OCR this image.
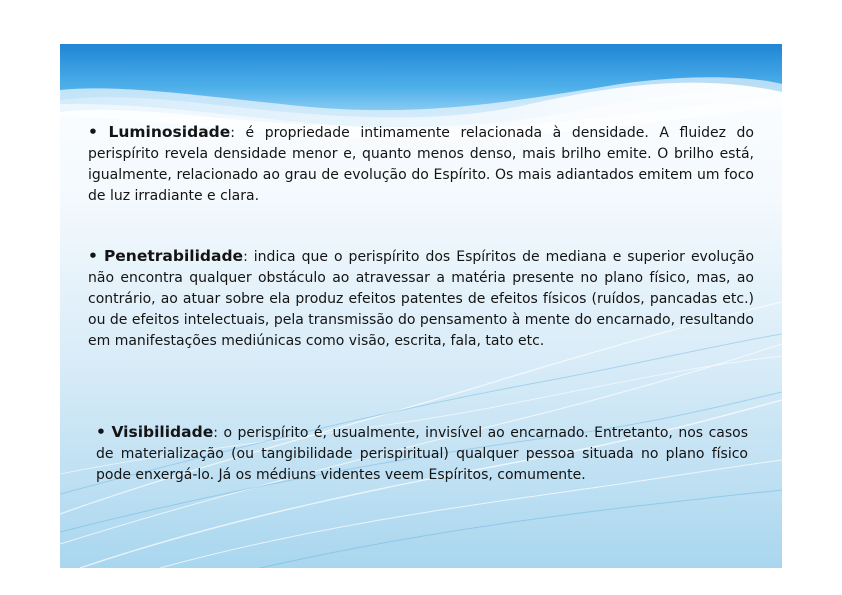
• Luminosidade: é propriedade intimamente relacionada à densidade. A fluidez do perispírito revela densidade menor e, quanto menos denso, mais brilho emite. O brilho está, igualmente, relacionado ao grau de evolução do Espírito. Os mais adiantados emitem um foco de luz irradiante e clara.

• Penetrabilidade: indica que o perispírito dos Espíritos de mediana e superior evolução não encontra qualquer obstáculo ao atravessar a matéria presente no plano físico, mas, ao contrário, ao atuar sobre ela produz efeitos patentes de efeitos físicos (ruídos, pancadas etc.) ou de efeitos intelectuais, pela transmissão do pensamento à mente do encarnado, resultando em manifestações mediúnicas como visão, escrita, fala, tato etc.

• Visibilidade: o perispírito é, usualmente, invisível ao encarnado. Entretanto, nos casos de materialização (ou tangibilidade perispiritual) qualquer pessoa situada no plano físico pode enxergá-lo. Já os médiuns videntes veem Espíritos, comumente.
